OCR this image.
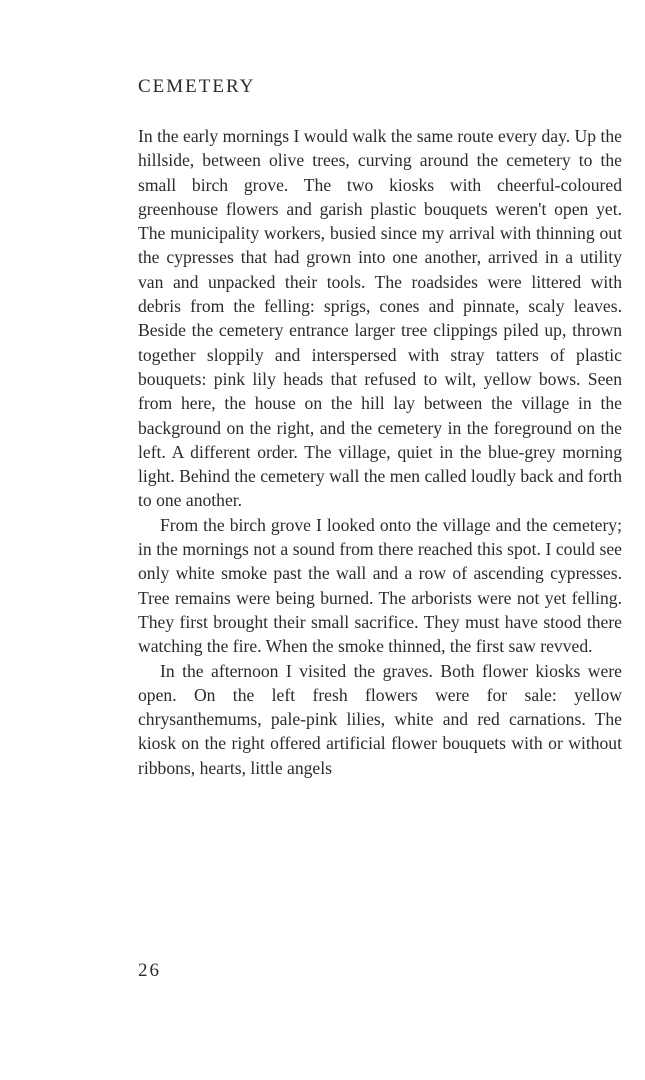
CEMETERY

In the early mornings I would walk the same route every day. Up the hillside, between olive trees, curving around the cemetery to the small birch grove. The two kiosks with cheerful-coloured greenhouse flowers and garish plastic bouquets weren't open yet. The municipality workers, busied since my arrival with thinning out the cypresses that had grown into one another, arrived in a utility van and unpacked their tools. The roadsides were littered with debris from the felling: sprigs, cones and pinnate, scaly leaves. Beside the cemetery entrance larger tree clippings piled up, thrown together sloppily and interspersed with stray tatters of plastic bouquets: pink lily heads that refused to wilt, yellow bows. Seen from here, the house on the hill lay between the village in the background on the right, and the cemetery in the foreground on the left. A different order. The village, quiet in the blue-grey morning light. Behind the cemetery wall the men called loudly back and forth to one another.

From the birch grove I looked onto the village and the cemetery; in the mornings not a sound from there reached this spot. I could see only white smoke past the wall and a row of ascending cypresses. Tree remains were being burned. The arborists were not yet felling. They first brought their small sacrifice. They must have stood there watching the fire. When the smoke thinned, the first saw revved.

In the afternoon I visited the graves. Both flower kiosks were open. On the left fresh flowers were for sale: yellow chrysanthemums, pale-pink lilies, white and red carnations. The kiosk on the right offered artificial flower bouquets with or without ribbons, hearts, little angels

26
